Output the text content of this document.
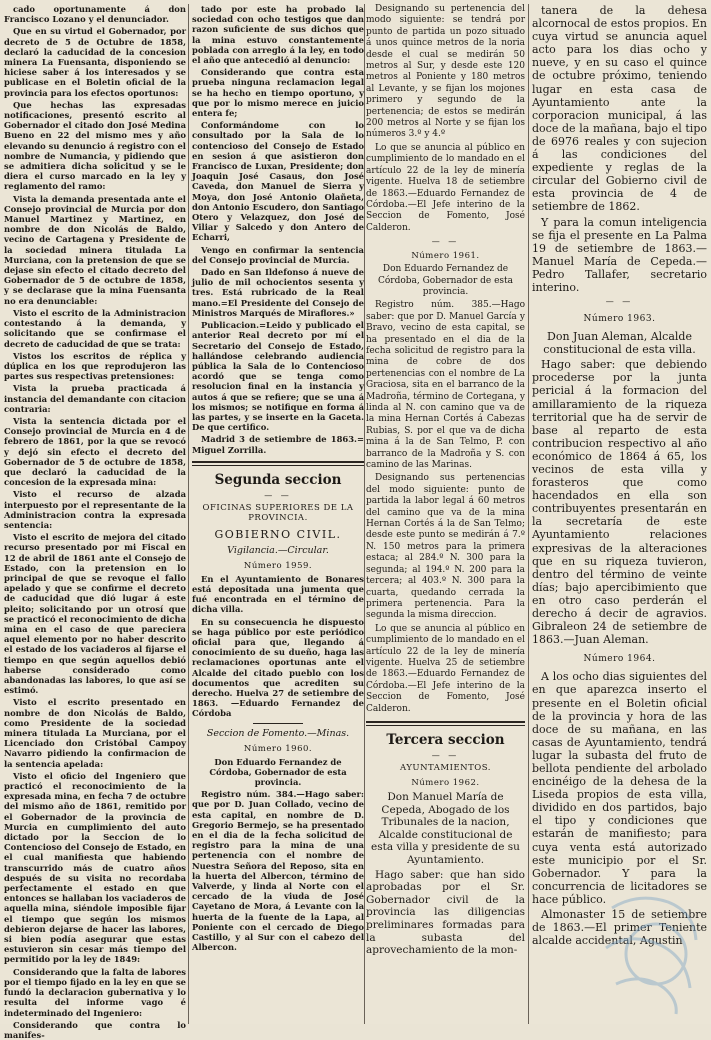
cado oportunamente á don Francisco Lozano y el denunciador.

Que en su virtud el Gobernador, por decreto de 5 de Octubre de 1858, declaró la caducidad de la concesion minera La Fuensanta, disponiendo se hiciese saber á los interesados y se publicase en el Boletin oficial de la provincia para los efectos oportunos:

Que hechas las expresadas notificaciones, presentó escrito al Gobernador el citado don José Medina Bueno en 22 del mismo mes y año elevando su denuncio á registro con el nombre de Numancia, y pidiendo que se admitiera dicha solicitud y se le diera el curso marcado en la ley y reglamento del ramo:

Vista la demanda presentada ante el Consejo provincial de Murcia por don Manuel Martinez y Martinez, en nombre de don Nicolás de Baldo, vecino de Cartagena y Presidente de la sociedad minera titulada La Murciana, con la pretension de que se dejase sin efecto el citado decreto del Gobernador de 5 de octubre de 1858, y se declarase que la mina Fuensanta no era denunciable:

Visto el escrito de la Administracion contestando á la demanda, y solicitando que se confirmase el decreto de caducidad de que se trata:

Vistos los escritos de réplica y dúplica en los que reprodujeron las partes sus respectivas pretensiones:

Vista la prueba practicada á instancia del demandante con citacion contraria:

Vista la sentencia dictada por el Consejo provincial de Murcia en 4 de febrero de 1861, por la que se revocó y dejó sin efecto el decreto del Gobernador de 5 de octubre de 1858, que declaró la caducidad de la concesion de la expresada mina:

Visto el recurso de alzada interpuesto por el representante de la Administracion contra la expresada sentencia:

Visto el escrito de mejora del citado recurso presentado por mi Fiscal en 12 de abril de 1861 ante el Consejo de Estado, con la pretension en lo principal de que se revoque el fallo apelado y que se confirme el decreto de caducidad que dió lugar á este pleito; solicitando por un otrosí que se practicó el reconocimiento de dicha mina en el caso de que pareciera aquel elemento por no haber descrito el estado de los vaciaderos al fijarse el tiempo en que según aquellos debió haberse considerado como abandonadas las labores, lo que así se estimó.

Visto el escrito presentado en nombre de don Nicolás de Baldo, como Presidente de la sociedad minera titulada La Murciana, por el Licenciado don Cristóbal Campoy Navarro pidiendo la confirmacion de la sentencia apelada:

Visto el oficio del Ingeniero que practicó el reconocimiento de la expresada mina, en fecha 7 de octubre del mismo año de 1861, remitido por el Gobernador de la provincia de Murcia en cumplimiento del auto dictado por la Seccion de lo Contencioso del Consejo de Estado, en el cual manifiesta que habiendo transcurrido más de cuatro años después de su visita no recordaba perfectamente el estado en que entonces se hallaban los vaciaderos de aquella mina, siéndole imposible fijar el tiempo que según los mismos debieron dejarse de hacer las labores, si bien podía asegurar que estas estuvieron sin cesar más tiempo del permitido por la ley de 1849:

Considerando que la falta de labores por el tiempo fijado en la ley en que se fundó la declaracion gubernativa y lo resulta del informe vago é indeterminado del Ingeniero:

Considerando que contra lo manifes-

tado por este ha probado la sociedad con ocho testigos que dan razon suficiente de sus dichos que la mina estuvo constantemente poblada con arreglo á la ley, en todo el año que antecedió al denuncio:

Considerando que contra esta prueba ninguna reclamacion legal se ha hecho en tiempo oportuno, y que por lo mismo merece en juicio entera fe;

Conformándome con lo consultado por la Sala de lo contencioso del Consejo de Estado en sesion á que asistieron don Francisco de Luxan, Presidente; don Joaquin José Casaus, don José Caveda, don Manuel de Sierra y Moya, don José Antonio Olañeta, don Antonio Escudero, don Santiago Otero y Velazquez, don José de Viliar y Salcedo y don Antero de Echarri,

Vengo en confirmar la sentencia del Consejo provincial de Murcia.

Dado en San Ildefonso á nueve de julio de mil ochocientos sesenta y tres. Está rubricado de la Real mano.=El Presidente del Consejo de Ministros Marqués de Miraflores.»

Publicacion.=Leido y publicado el anterior Real decreto por mí el Secretario del Consejo de Estado, hallándose celebrando audiencia pública la Sala de lo Contencioso acordó que se tenga como resolucion final en la instancia y autos á que se refiere; que se una á los mismos; se notifique en forma á las partes, y se inserte en la Gaceta. De que certifico.

Madrid 3 de setiembre de 1863.= Miguel Zorrilla.

Segunda seccion
— —
OFICINAS SUPERIORES DE LA PROVINCIA.
GOBIERNO CIVIL.
Vigilancia.—Circular.
Número 1959.

En el Ayuntamiento de Bonares está depositada una jumenta que fué encontrada en el término de dicha villa.

En su consecuencia he dispuesto se haga público por este periódico oficial para que, llegando á conocimiento de su dueño, haga las reclamaciones oportunas ante el Alcalde del citado pueblo con los documentos que acrediten su derecho. Huelva 27 de setiembre de 1863. —Eduardo Fernandez de Córdoba

Seccion de Fomento.—Minas.
Número 1960.

Don Eduardo Fernandez de Córdoba, Gobernador de esta provincia.

Registro núm. 384.—Hago saber: que por D. Juan Collado, vecino de esta capital, en nombre de D. Gregorio Bermejo, se ha presentado en el dia de la fecha solicitud de registro para la mina de una pertenencia con el nombre de Nuestra Señora del Reposo, sita en la huerta del Albercon, término de Valverde, y linda al Norte con el cercado de la viuda de José Cayetano de Mora, á Levante con la huerta de la fuente de la Lapa, al Poniente con el cercado de Diego Castillo, y al Sur con el cabezo del Albercon.

Designando su pertenencia del modo siguiente: se tendrá por punto de partida un pozo situado á unos quince metros de la noria desde el cual se medirán 50 metros al Sur, y desde este 120 metros al Poniente y 180 metros al Levante, y se fijan los mojones primero y segundo de la pertenencia; de estos se medirán 200 metros al Norte y se fijan los números 3.º y 4.º

Lo que se anuncia al público en cumplimiento de lo mandado en el artículo 22 de la ley de minería vigente. Huelva 18 de setiembre de 1863.—Eduardo Fernandez de Córdoba.—El Jefe interino de la Seccion de Fomento, José Calderon.

— —
Número 1961.

Don Eduardo Fernandez de Córdoba, Gobernador de esta provincia.

Registro núm. 385.—Hago saber: que por D. Manuel García y Bravo, vecino de esta capital, se ha presentado en el dia de la fecha solicitud de registro para la mina de cobre de dos pertenencias con el nombre de La Graciosa, sita en el barranco de la Madroña, término de Cortegana, y linda al N. con camino que va de la mina Hernan Cortés á Cabezas Rubias, S. por el que va de dicha mina á la de San Telmo, P. con barranco de la Madroña y S. con camino de las Marinas.

Designando sus pertenencias del modo siguiente: punto de partida la labor legal á 60 metros del camino que va de la mina Hernan Cortés á la de San Telmo; desde este punto se medirán á 7.º N. 150 metros para la primera estaca; al 284.º N. 300 para la segunda; al 194.º N. 200 para la tercera; al 403.º N. 300 para la cuarta, quedando cerrada la primera pertenencia. Para la segunda la misma direccion.

Lo que se anuncia al público en cumplimiento de lo mandado en el artículo 22 de la ley de minería vigente. Huelva 25 de setiembre de 1863.—Eduardo Fernandez de Córdoba.—El Jefe interino de la Seccion de Fomento, José Calderon.

Tercera seccion
— —
AYUNTAMIENTOS.
Número 1962.

Don Manuel María de Cepeda, Abogado de los Tribunales de la nacion, Alcalde constitucional de esta villa y presidente de su Ayuntamiento.

Hago saber: que han sido aprobadas por el Sr. Gobernador civil de la provincia las diligencias preliminares formadas para la subasta del aprovechamiento de la mon-

tanera de la dehesa alcornocal de estos propios. En cuya virtud se anuncia aquel acto para los dias ocho y nueve, y en su caso el quince de octubre próximo, teniendo lugar en esta casa de Ayuntamiento ante la corporacion municipal, á las doce de la mañana, bajo el tipo de 6976 reales y con sujecion á las condiciones del expediente y reglas de la circular del Gobierno civil de esta provincia de 4 de setiembre de 1862.

Y para la comun inteligencia se fija el presente en La Palma 19 de setiembre de 1863.—Manuel María de Cepeda.—Pedro Tallafer, secretario interino.

— —
Número 1963.

Don Juan Aleman, Alcalde constitucional de esta villa.

Hago saber: que debiendo procederse por la junta pericial á la formacion del amillaramiento de la riqueza territorial que ha de servir de base al reparto de esta contribucion respectivo al año económico de 1864 á 65, los vecinos de esta villa y forasteros que como hacendados en ella son contribuyentes presentarán en la secretaría de este Ayuntamiento relaciones expresivas de la alteraciones que en su riqueza tuvieron, dentro del término de veinte días; bajo apercibimiento que en otro caso perderán el derecho á decir de agravios. Gibraleon 24 de setiembre de 1863.—Juan Aleman.

Número 1964.

A los ocho dias siguientes del en que aparezca inserto el presente en el Boletin oficial de la provincia y hora de las doce de su mañana, en las casas de Ayuntamiento, tendrá lugar la subasta del fruto de bellota pendiente del arbolado encinéigo de la dehesa de la Liseda propios de esta villa, dividido en dos partidos, bajo el tipo y condiciones que estarán de manifiesto; para cuya venta está autorizado este municipio por el Sr. Gobernador. Y para la concurrencia de licitadores se hace público.

Almonaster 15 de setiembre de 1863.—El primer Teniente alcalde accidental, Agustin
